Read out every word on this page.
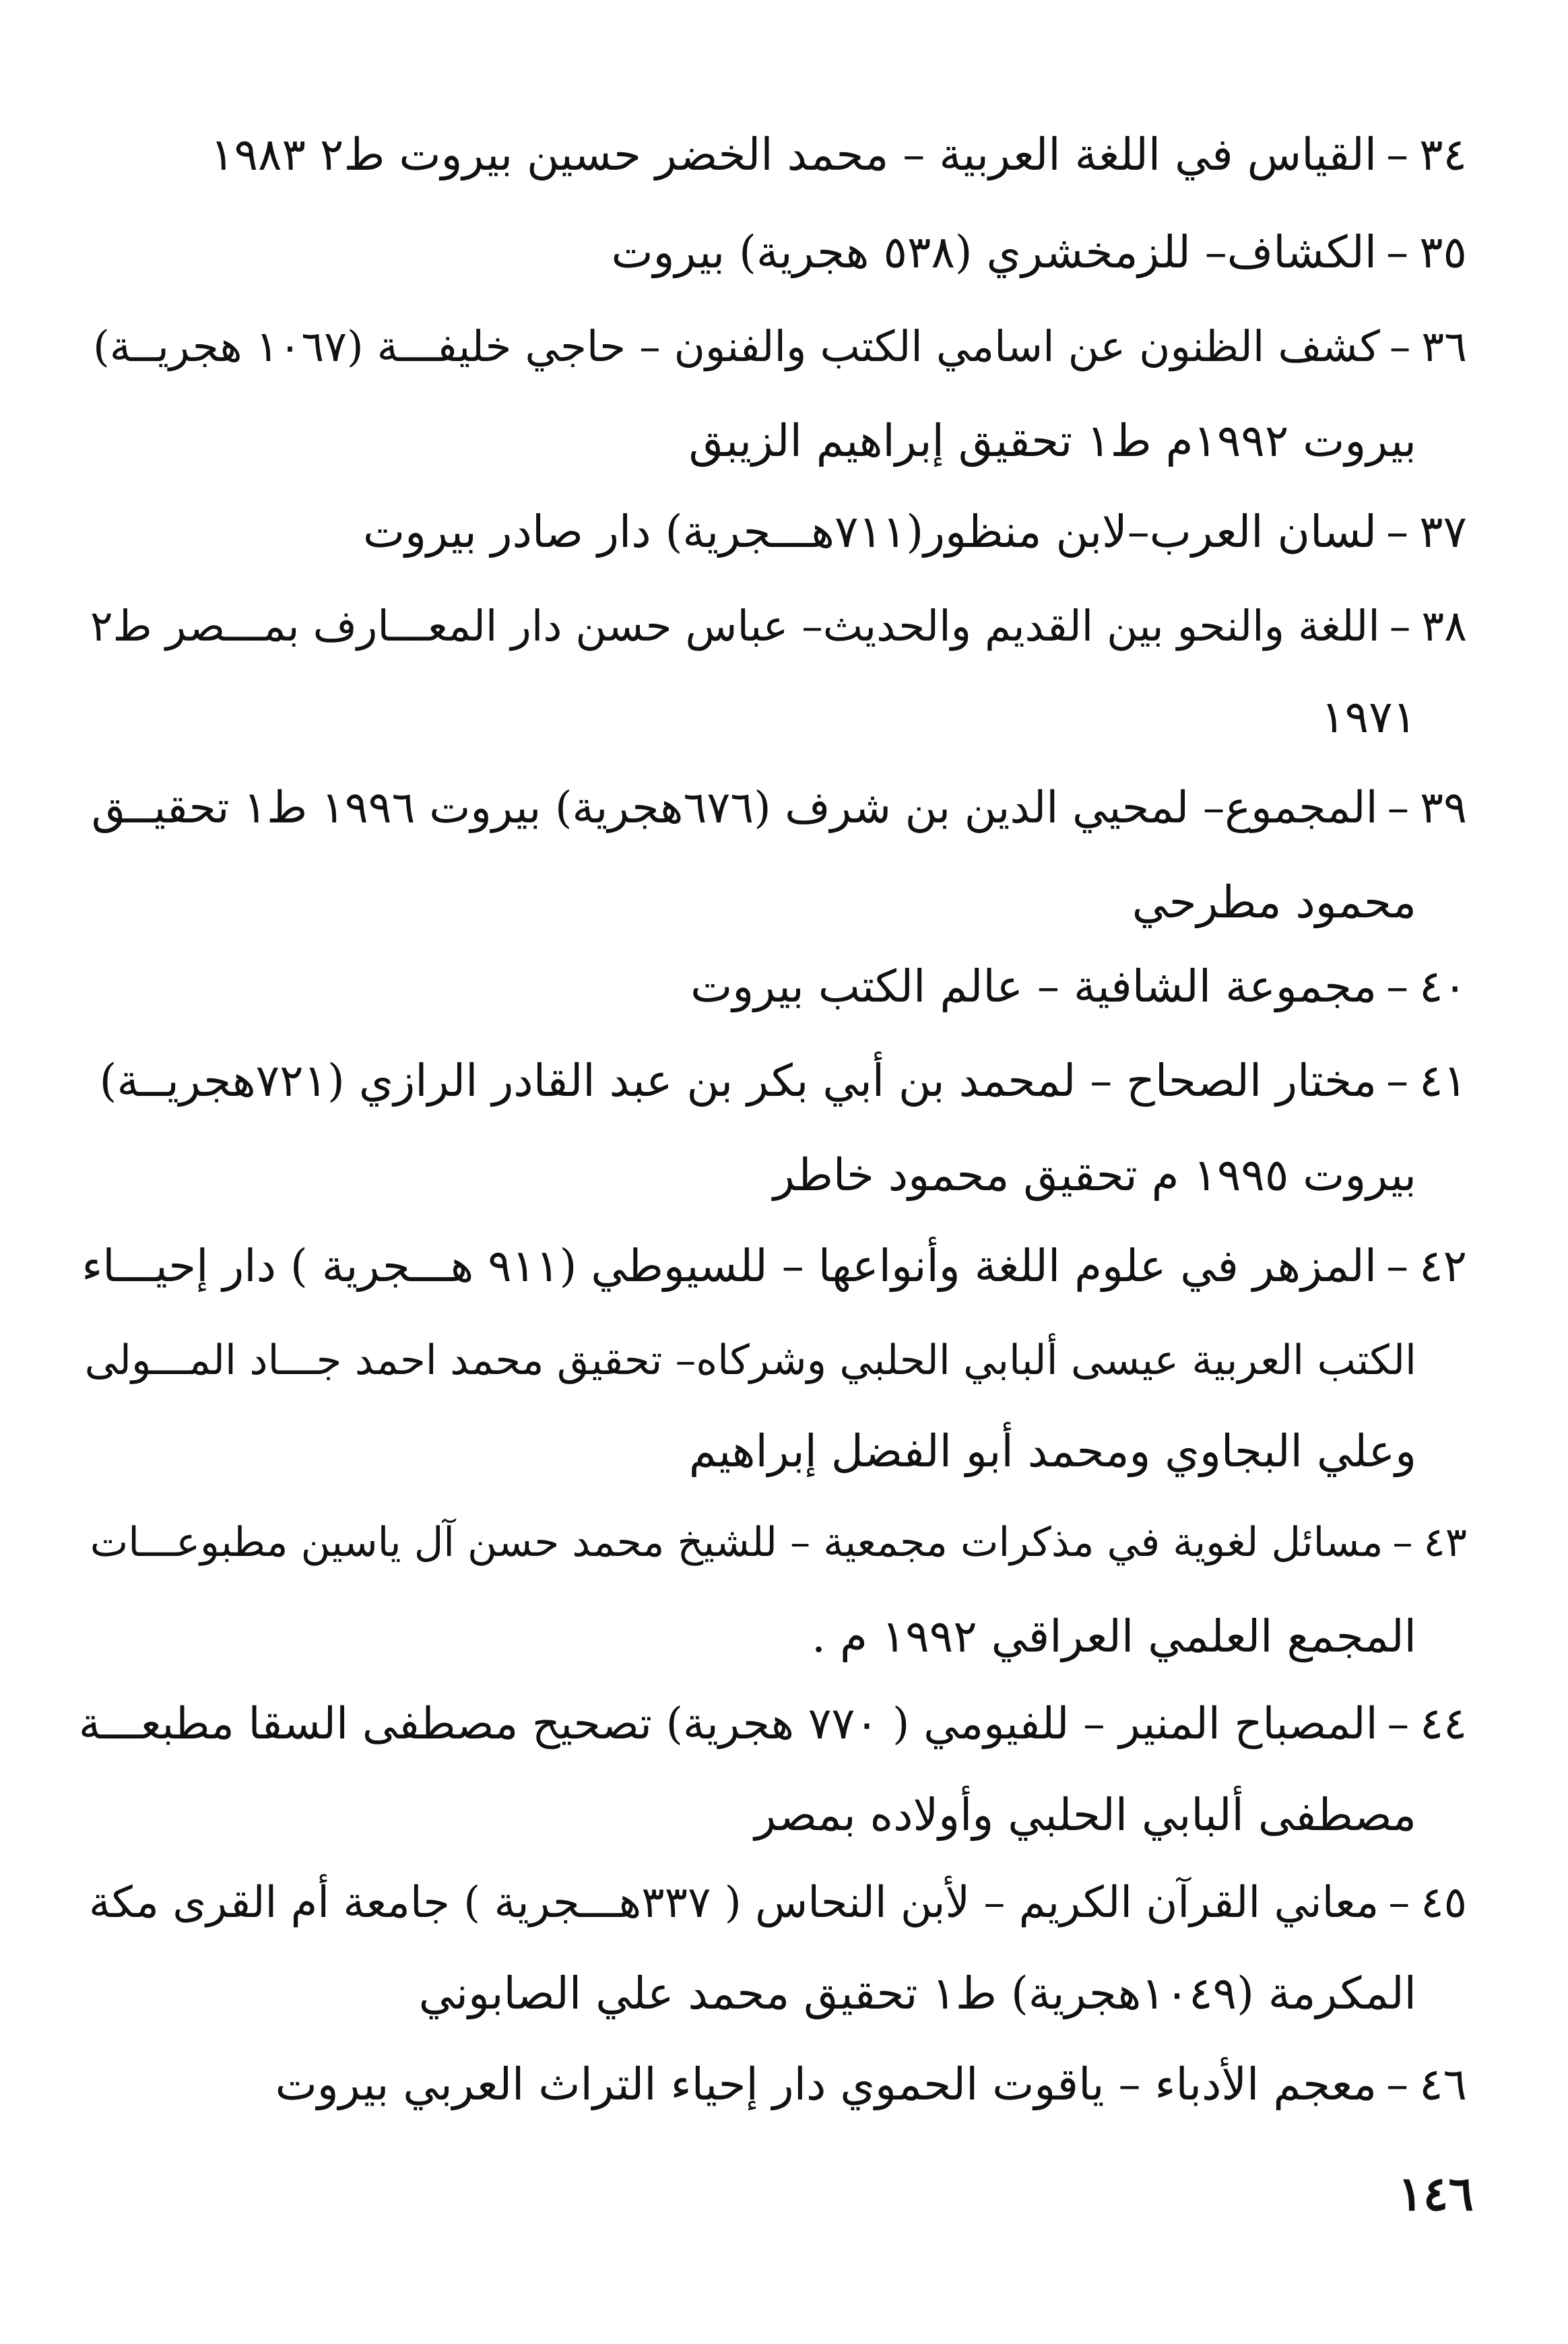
٣٤–القياس في اللغة العربية – محمد الخضر حسين بيروت ط٢ ١٩٨٣
٣٥–الكشاف– للزمخشري (٥٣٨ هجرية) بيروت
٣٦–كشف الظنون عن اسامي الكتب والفنون – حاجي خليفـــة (١٠٦٧ هجريــة)
بيروت ١٩٩٢م ط١ تحقيق إبراهيم الزيبق
٣٧–لسان العرب–لابن منظور(٧١١هـــجرية) دار صادر بيروت
٣٨–اللغة والنحو بين القديم والحديث– عباس حسن دار المعـــارف بمـــصر ط٢
١٩٧١
٣٩–المجموع– لمحيي الدين بن شرف (٦٧٦هجرية) بيروت ١٩٩٦ ط١ تحقيــق
محمود مطرحي
٤٠–مجموعة الشافية – عالم الكتب بيروت
٤١–مختار الصحاح – لمحمد بن أبي بكر بن عبد القادر الرازي (٧٢١هجريــة)
بيروت ١٩٩٥ م تحقيق محمود خاطر
٤٢–المزهر في علوم اللغة وأنواعها – للسيوطي (٩١١ هـــجرية ) دار إحيـــاء
الكتب العربية عيسى ألبابي الحلبي وشركاه– تحقيق محمد احمد جـــاد المـــولى
وعلي البجاوي ومحمد أبو الفضل إبراهيم
٤٣–مسائل لغوية في مذكرات مجمعية – للشيخ محمد حسن آل ياسين مطبوعـــات
المجمع العلمي العراقي ١٩٩٢ م .
٤٤–المصباح المنير – للفيومي ( ٧٧٠ هجرية) تصحيح مصطفى السقا مطبعـــة
مصطفى ألبابي الحلبي وأولاده بمصر
٤٥–معاني القرآن الكريم – لأبن النحاس ( ٣٣٧هـــجرية ) جامعة أم القرى مكة
المكرمة (١٠٤٩هجرية) ط١ تحقيق محمد علي الصابوني
٤٦–معجم الأدباء – ياقوت الحموي دار إحياء التراث العربي بيروت
١٤٦
